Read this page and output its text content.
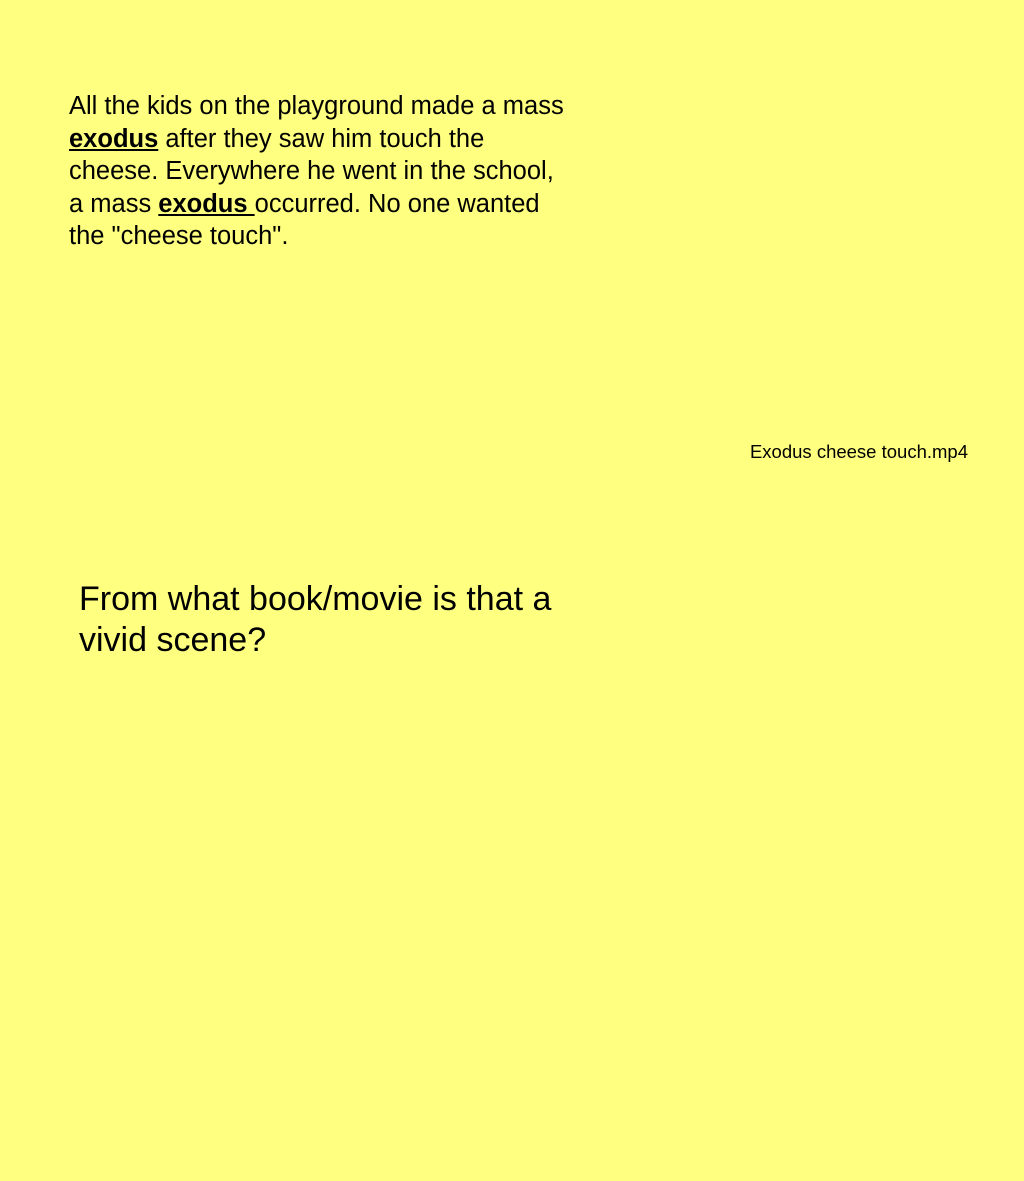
All the kids on the playground made a mass exodus after they saw him touch the cheese. Everywhere he went in the school, a mass exodus occurred. No one wanted the "cheese touch".

Exodus cheese touch.mp4
From what book/movie is that a vivid scene?
